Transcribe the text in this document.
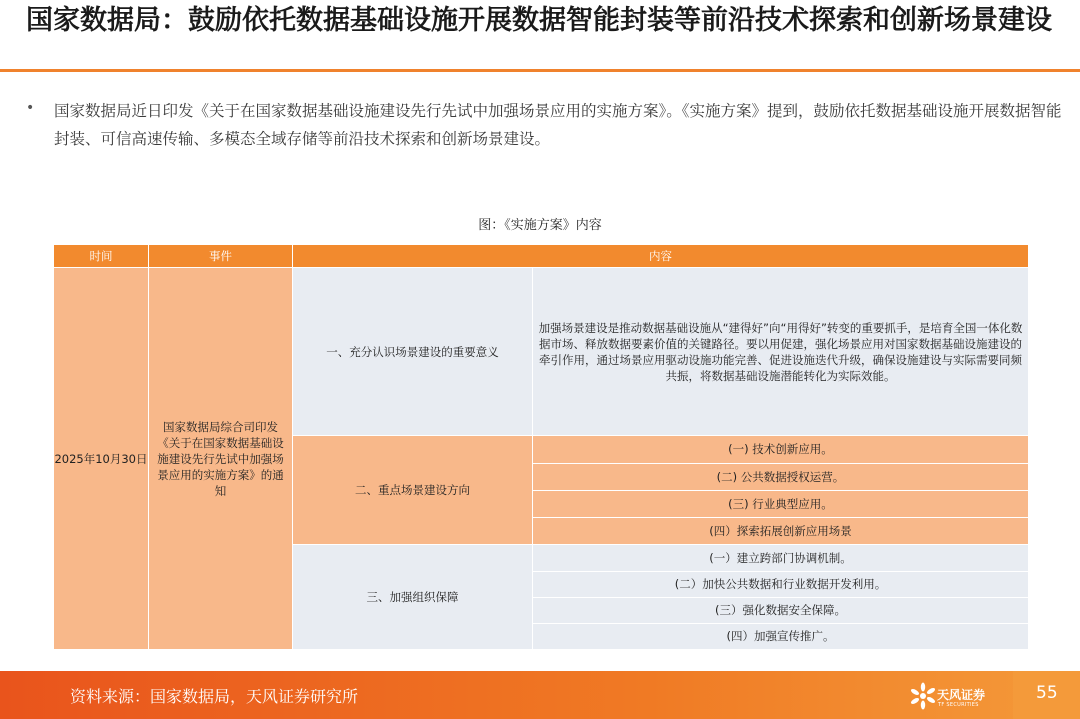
国家数据局：鼓励依托数据基础设施开展数据智能封装等前沿技术探索和创新场景建设
• 国家数据局近日印发《关于在国家数据基础设施建设先行先试中加强场景应用的实施方案》。《实施方案》提到，鼓励依托数据基础设施开展数据智能封装、可信高速传输、多模态全域存储等前沿技术探索和创新场景建设。
图：《实施方案》内容
时间	事件	内容	
2025年10月30日	国家数据局综合司印发《关于在国家数据基础设施建设先行先试中加强场景应用的实施方案》的通知	一、充分认识场景建设的重要意义	加强场景建设是推动数据基础设施从“建得好”向“用得好”转变的重要抓手，是培育全国一体化数据市场、释放数据要素价值的关键路径。要以用促建，强化场景应用对国家数据基础设施建设的牵引作用，通过场景应用驱动设施功能完善、促进设施迭代升级，确保设施建设与实际需要同频共振，将数据基础设施潜能转化为实际效能。
		二、重点场景建设方向	(一) 技术创新应用。
			(二) 公共数据授权运营。
			(三) 行业典型应用。
			(四）探索拓展创新应用场景
		三、加强组织保障	(一）建立跨部门协调机制。
			(二）加快公共数据和行业数据开发利用。
			(三）强化数据安全保障。
			(四）加强宣传推广。
资料来源：国家数据局，天风证券研究所	天风证券
TF SECURITIES
55
